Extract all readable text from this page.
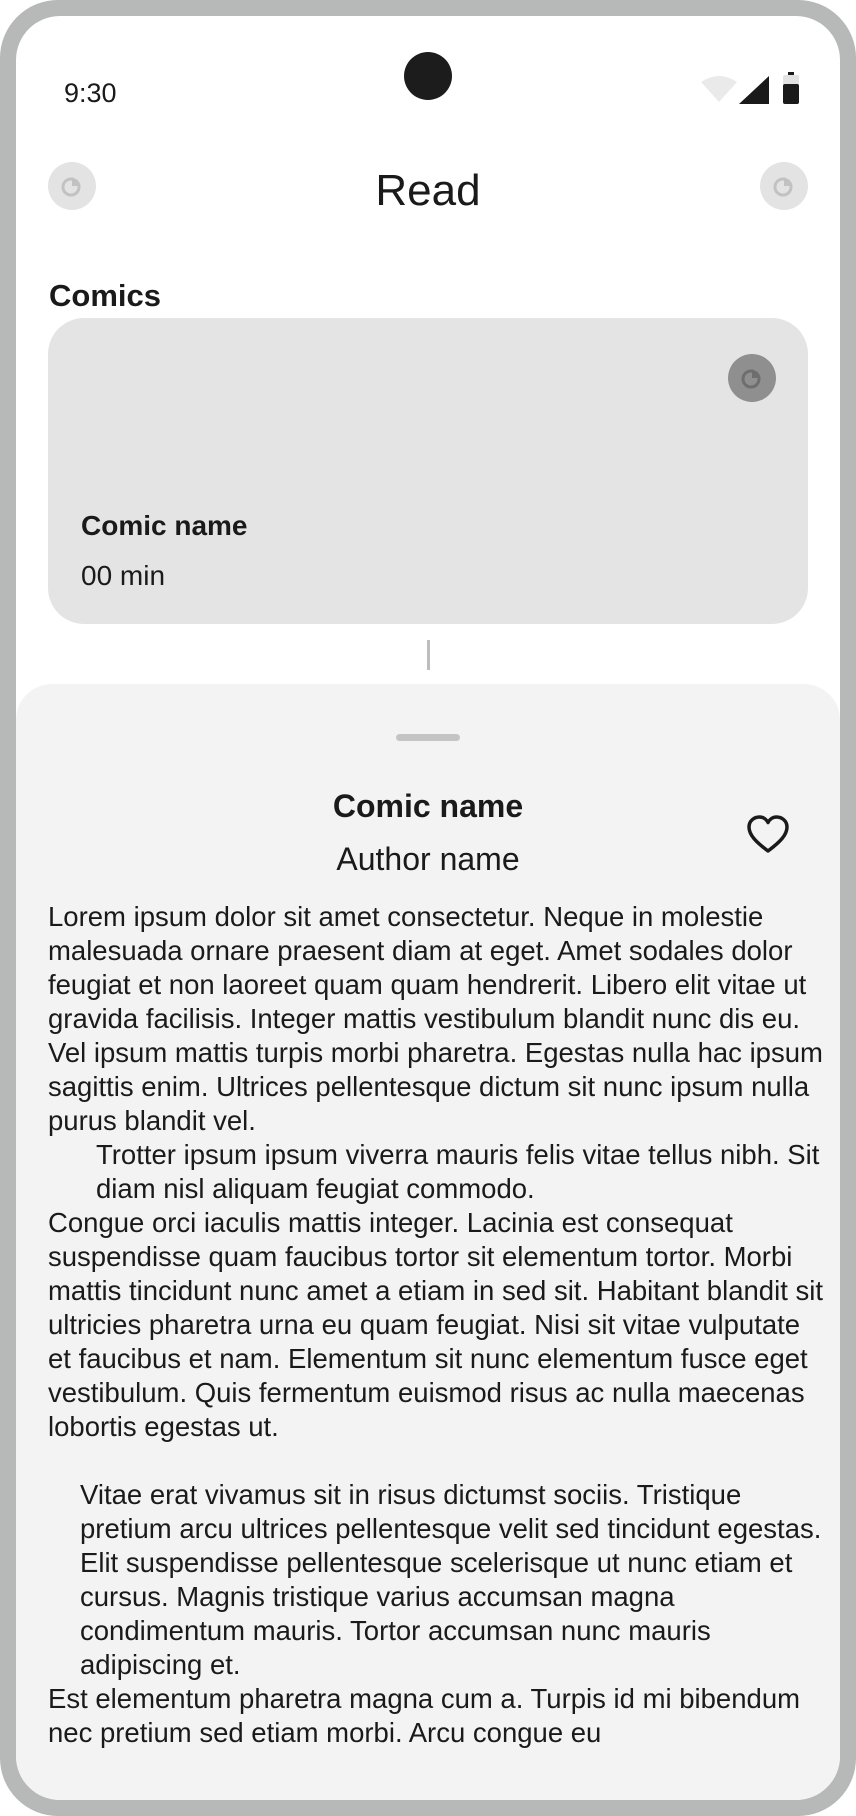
9:30
Read
Comics
Comic name
00 min
Comic name
Author name

Lorem ipsum dolor sit amet consectetur. Neque in molestie malesuada ornare praesent diam at eget. Amet sodales dolor feugiat et non laoreet quam quam hendrerit. Libero elit vitae ut gravida facilisis. Integer mattis vestibulum blandit nunc dis eu. Vel ipsum mattis turpis morbi pharetra. Egestas nulla hac ipsum sagittis enim. Ultrices pellentesque dictum sit nunc ipsum nulla purus blandit vel.

Trotter ipsum ipsum viverra mauris felis vitae tellus nibh. Sit diam nisl aliquam feugiat commodo.

Congue orci iaculis mattis integer. Lacinia est consequat suspendisse quam faucibus tortor sit elementum tortor. Morbi mattis tincidunt nunc amet a etiam in sed sit. Habitant blandit sit ultricies pharetra urna eu quam feugiat. Nisi sit vitae vulputate et faucibus et nam. Elementum sit nunc elementum fusce eget vestibulum. Quis fermentum euismod risus ac nulla maecenas lobortis egestas ut.

Vitae erat vivamus sit in risus dictumst sociis. Tristique pretium arcu ultrices pellentesque velit sed tincidunt egestas. Elit suspendisse pellentesque scelerisque ut nunc etiam et cursus. Magnis tristique varius accumsan magna condimentum mauris. Tortor accumsan nunc mauris adipiscing et.

Est elementum pharetra magna cum a. Turpis id mi bibendum nec pretium sed etiam morbi. Arcu congue eu
